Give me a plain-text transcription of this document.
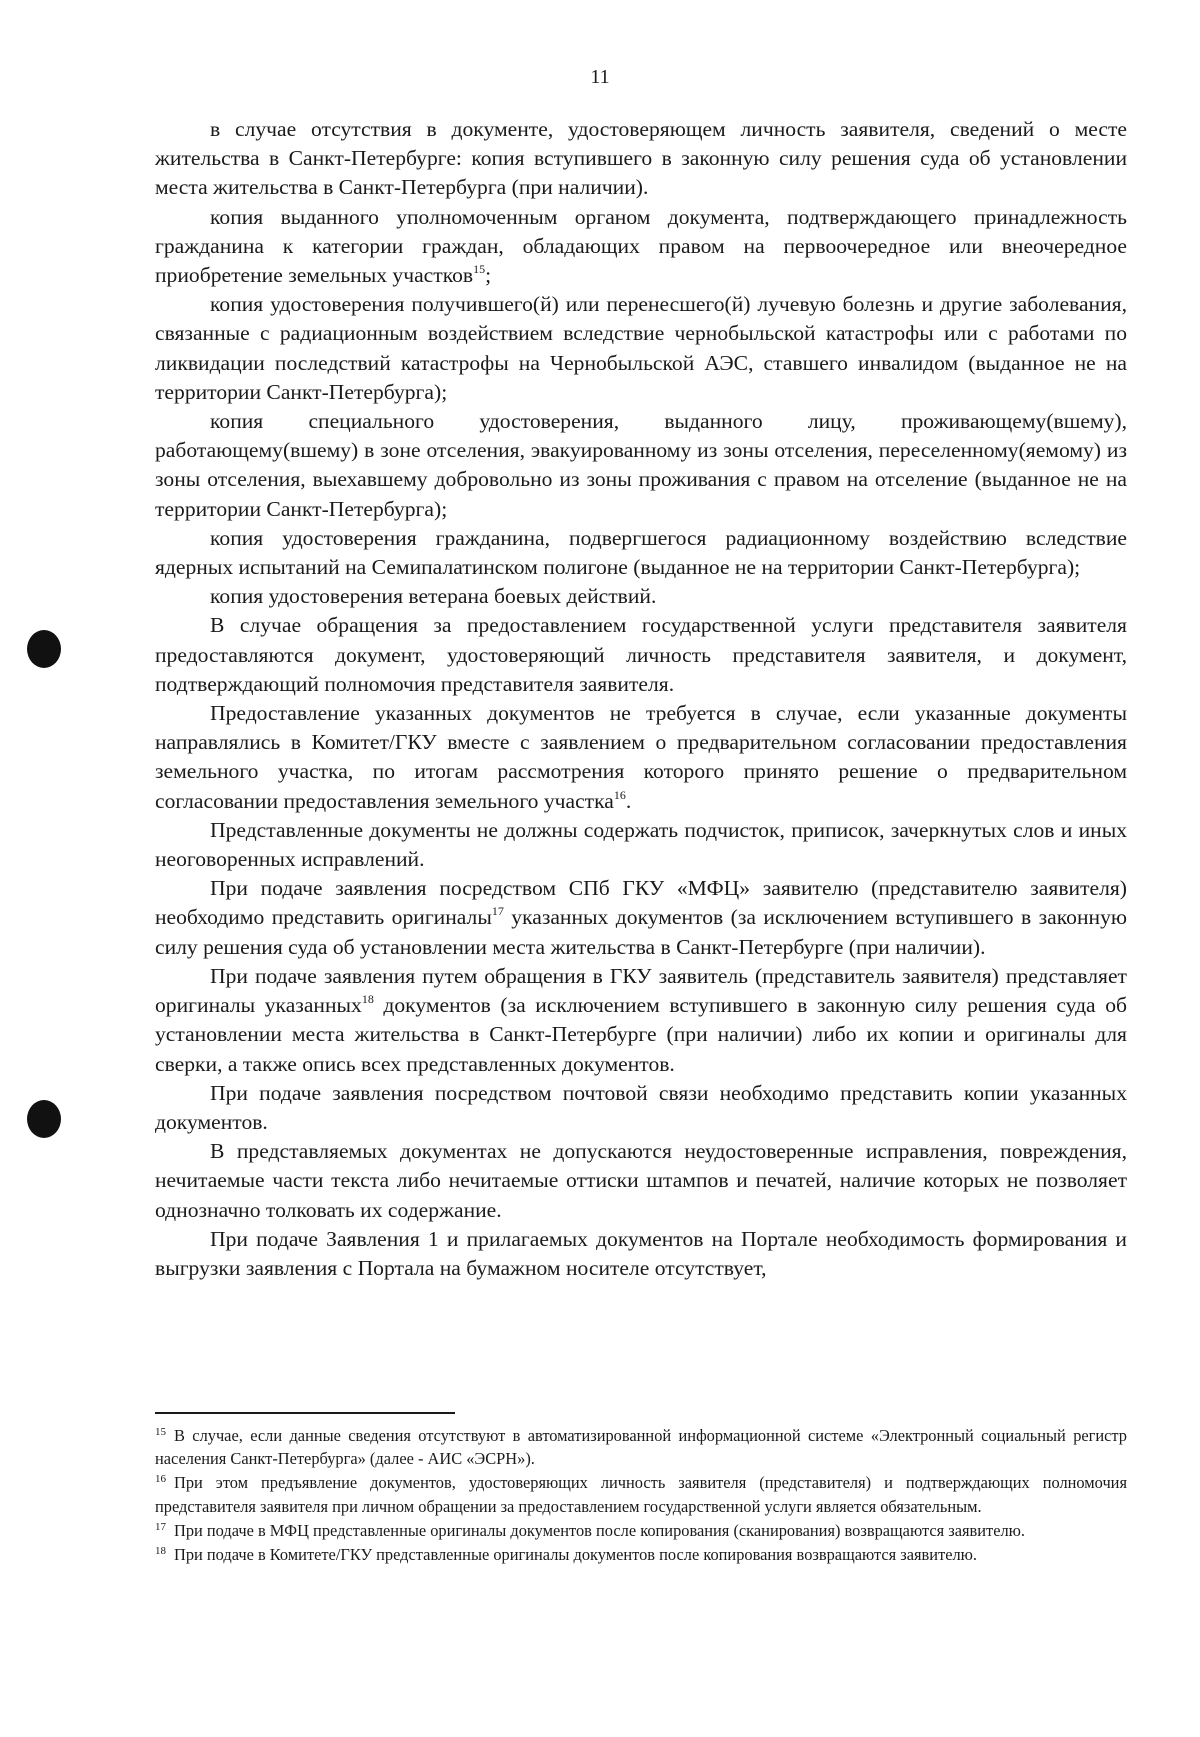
11

в случае отсутствия в документе, удостоверяющем личность заявителя, сведений о месте жительства в Санкт-Петербурге: копия вступившего в законную силу решения суда об установлении места жительства в Санкт-Петербурга (при наличии).

копия выданного уполномоченным органом документа, подтверждающего принадлежность гражданина к категории граждан, обладающих правом на первоочередное или внеочередное приобретение земельных участков$^{15}$;

копия удостоверения получившего(й) или перенесшего(й) лучевую болезнь и другие заболевания, связанные с радиационным воздействием вследствие чернобыльской катастрофы или с работами по ликвидации последствий катастрофы на Чернобыльской АЭС, ставшего инвалидом (выданное не на территории Санкт-Петербурга);

копия специального удостоверения, выданного лицу, проживающему(вшему), работающему(вшему) в зоне отселения, эвакуированному из зоны отселения, переселенному(яемому) из зоны отселения, выехавшему добровольно из зоны проживания с правом на отселение (выданное не на территории Санкт-Петербурга);

копия удостоверения гражданина, подвергшегося радиационному воздействию вследствие ядерных испытаний на Семипалатинском полигоне (выданное не на территории Санкт-Петербурга);

копия удостоверения ветерана боевых действий.

В случае обращения за предоставлением государственной услуги представителя заявителя предоставляются документ, удостоверяющий личность представителя заявителя, и документ, подтверждающий полномочия представителя заявителя.

Предоставление указанных документов не требуется в случае, если указанные документы направлялись в Комитет/ГКУ вместе с заявлением о предварительном согласовании предоставления земельного участка, по итогам рассмотрения которого принято решение о предварительном согласовании предоставления земельного участка$^{16}$.

Представленные документы не должны содержать подчисток, приписок, зачеркнутых слов и иных неоговоренных исправлений.

При подаче заявления посредством СПб ГКУ «МФЦ» заявителю (представителю заявителя) необходимо представить оригиналы$^{17}$ указанных документов (за исключением вступившего в законную силу решения суда об установлении места жительства в Санкт-Петербурге (при наличии).

При подаче заявления путем обращения в ГКУ заявитель (представитель заявителя) представляет оригиналы указанных$^{18}$ документов (за исключением вступившего в законную силу решения суда об установлении места жительства в Санкт-Петербурге (при наличии) либо их копии и оригиналы для сверки, а также опись всех представленных документов.

При подаче заявления посредством почтовой связи необходимо представить копии указанных документов.

В представляемых документах не допускаются неудостоверенные исправления, повреждения, нечитаемые части текста либо нечитаемые оттиски штампов и печатей, наличие которых не позволяет однозначно толковать их содержание.

При подаче Заявления 1 и прилагаемых документов на Портале необходимость формирования и выгрузки заявления с Портала на бумажном носителе отсутствует,

$^{15}$ В случае, если данные сведения отсутствуют в автоматизированной информационной системе «Электронный социальный регистр населения Санкт-Петербурга» (далее - АИС «ЭСРН»).

$^{16}$ При этом предъявление документов, удостоверяющих личность заявителя (представителя) и подтверждающих полномочия представителя заявителя при личном обращении за предоставлением государственной услуги является обязательным.

$^{17}$ При подаче в МФЦ представленные оригиналы документов после копирования (сканирования) возвращаются заявителю.

$^{18}$ При подаче в Комитете/ГКУ представленные оригиналы документов после копирования возвращаются заявителю.
